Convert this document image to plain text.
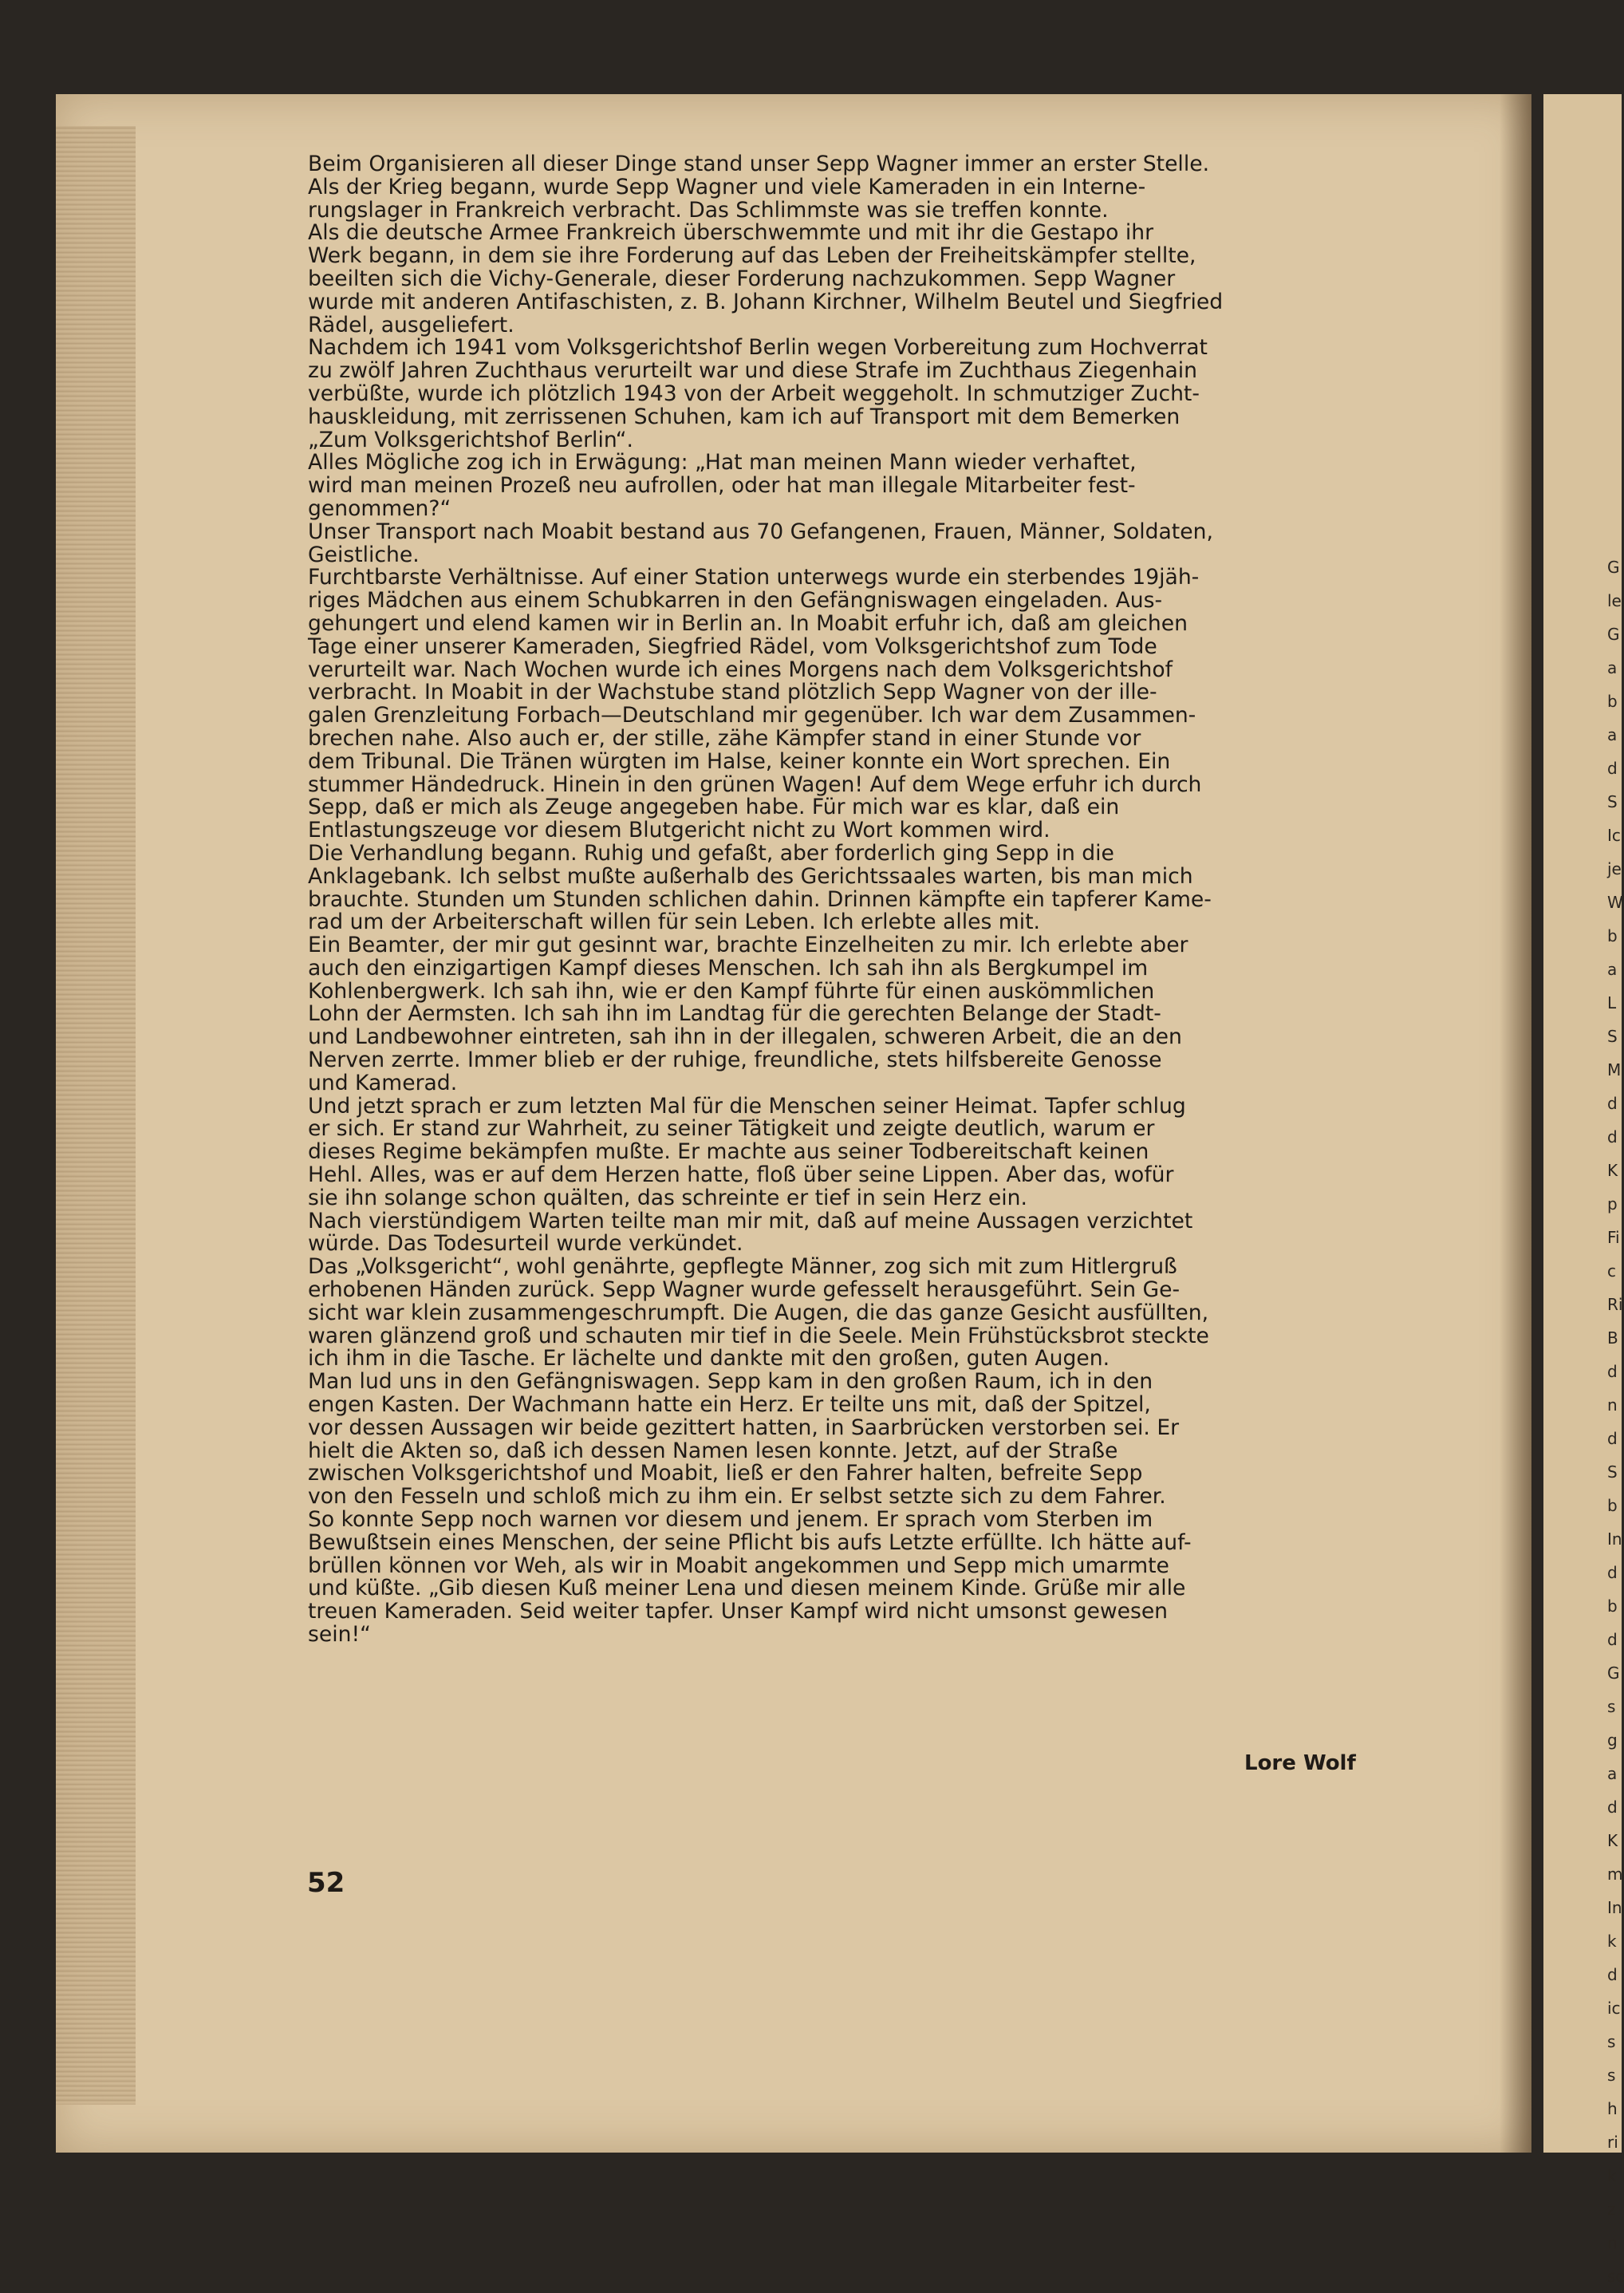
Beim Organisieren all dieser Dinge stand unser Sepp Wagner immer an erster Stelle.
Als der Krieg begann, wurde Sepp Wagner und viele Kameraden in ein Interne-
rungslager in Frankreich verbracht. Das Schlimmste was sie treffen konnte.
Als die deutsche Armee Frankreich überschwemmte und mit ihr die Gestapo ihr
Werk begann, in dem sie ihre Forderung auf das Leben der Freiheitskämpfer stellte,
beeilten sich die Vichy-Generale, dieser Forderung nachzukommen. Sepp Wagner
wurde mit anderen Antifaschisten, z. B. Johann Kirchner, Wilhelm Beutel und Siegfried
Rädel, ausgeliefert.
Nachdem ich 1941 vom Volksgerichtshof Berlin wegen Vorbereitung zum Hochverrat
zu zwölf Jahren Zuchthaus verurteilt war und diese Strafe im Zuchthaus Ziegenhain
verbüßte, wurde ich plötzlich 1943 von der Arbeit weggeholt. In schmutziger Zucht-
hauskleidung, mit zerrissenen Schuhen, kam ich auf Transport mit dem Bemerken
„Zum Volksgerichtshof Berlin“.
Alles Mögliche zog ich in Erwägung: „Hat man meinen Mann wieder verhaftet,
wird man meinen Prozeß neu aufrollen, oder hat man illegale Mitarbeiter fest-
genommen?“
Unser Transport nach Moabit bestand aus 70 Gefangenen, Frauen, Männer, Soldaten,
Geistliche.
Furchtbarste Verhältnisse. Auf einer Station unterwegs wurde ein sterbendes 19jäh-
riges Mädchen aus einem Schubkarren in den Gefängniswagen eingeladen. Aus-
gehungert und elend kamen wir in Berlin an. In Moabit erfuhr ich, daß am gleichen
Tage einer unserer Kameraden, Siegfried Rädel, vom Volksgerichtshof zum Tode
verurteilt war. Nach Wochen wurde ich eines Morgens nach dem Volksgerichtshof
verbracht. In Moabit in der Wachstube stand plötzlich Sepp Wagner von der ille-
galen Grenzleitung Forbach—Deutschland mir gegenüber. Ich war dem Zusammen-
brechen nahe. Also auch er, der stille, zähe Kämpfer stand in einer Stunde vor
dem Tribunal. Die Tränen würgten im Halse, keiner konnte ein Wort sprechen. Ein
stummer Händedruck. Hinein in den grünen Wagen! Auf dem Wege erfuhr ich durch
Sepp, daß er mich als Zeuge angegeben habe. Für mich war es klar, daß ein
Entlastungszeuge vor diesem Blutgericht nicht zu Wort kommen wird.
Die Verhandlung begann. Ruhig und gefaßt, aber forderlich ging Sepp in die
Anklagebank. Ich selbst mußte außerhalb des Gerichtssaales warten, bis man mich
brauchte. Stunden um Stunden schlichen dahin. Drinnen kämpfte ein tapferer Kame-
rad um der Arbeiterschaft willen für sein Leben. Ich erlebte alles mit.
Ein Beamter, der mir gut gesinnt war, brachte Einzelheiten zu mir. Ich erlebte aber
auch den einzigartigen Kampf dieses Menschen. Ich sah ihn als Bergkumpel im
Kohlenbergwerk. Ich sah ihn, wie er den Kampf führte für einen auskömmlichen
Lohn der Aermsten. Ich sah ihn im Landtag für die gerechten Belange der Stadt-
und Landbewohner eintreten, sah ihn in der illegalen, schweren Arbeit, die an den
Nerven zerrte. Immer blieb er der ruhige, freundliche, stets hilfsbereite Genosse
und Kamerad.
Und jetzt sprach er zum letzten Mal für die Menschen seiner Heimat. Tapfer schlug
er sich. Er stand zur Wahrheit, zu seiner Tätigkeit und zeigte deutlich, warum er
dieses Regime bekämpfen mußte. Er machte aus seiner Todbereitschaft keinen
Hehl. Alles, was er auf dem Herzen hatte, floß über seine Lippen. Aber das, wofür
sie ihn solange schon quälten, das schreinte er tief in sein Herz ein.
Nach vierstündigem Warten teilte man mir mit, daß auf meine Aussagen verzichtet
würde. Das Todesurteil wurde verkündet.
Das „Volksgericht“, wohl genährte, gepflegte Männer, zog sich mit zum Hitlergruß
erhobenen Händen zurück. Sepp Wagner wurde gefesselt herausgeführt. Sein Ge-
sicht war klein zusammengeschrumpft. Die Augen, die das ganze Gesicht ausfüllten,
waren glänzend groß und schauten mir tief in die Seele. Mein Frühstücksbrot steckte
ich ihm in die Tasche. Er lächelte und dankte mit den großen, guten Augen.
Man lud uns in den Gefängniswagen. Sepp kam in den großen Raum, ich in den
engen Kasten. Der Wachmann hatte ein Herz. Er teilte uns mit, daß der Spitzel,
vor dessen Aussagen wir beide gezittert hatten, in Saarbrücken verstorben sei. Er
hielt die Akten so, daß ich dessen Namen lesen konnte. Jetzt, auf der Straße
zwischen Volksgerichtshof und Moabit, ließ er den Fahrer halten, befreite Sepp
von den Fesseln und schloß mich zu ihm ein. Er selbst setzte sich zu dem Fahrer.
So konnte Sepp noch warnen vor diesem und jenem. Er sprach vom Sterben im
Bewußtsein eines Menschen, der seine Pflicht bis aufs Letzte erfüllte. Ich hätte auf-
brüllen können vor Weh, als wir in Moabit angekommen und Sepp mich umarmte
und küßte. „Gib diesen Kuß meiner Lena und diesen meinem Kinde. Grüße mir alle
treuen Kameraden. Seid weiter tapfer. Unser Kampf wird nicht umsonst gewesen
sein!“
Lore Wolf
52
G
le
G
a
b
a
d
S
Ic
je
W
b
a
L
S
M
d
d
K
p
Fi
c
Ri
B
d
n
d
S
b
In
d
b
d
G
s
g
a
d
K
m
In
k
d
ic
s
s
h
ri
k
z
n
sc
